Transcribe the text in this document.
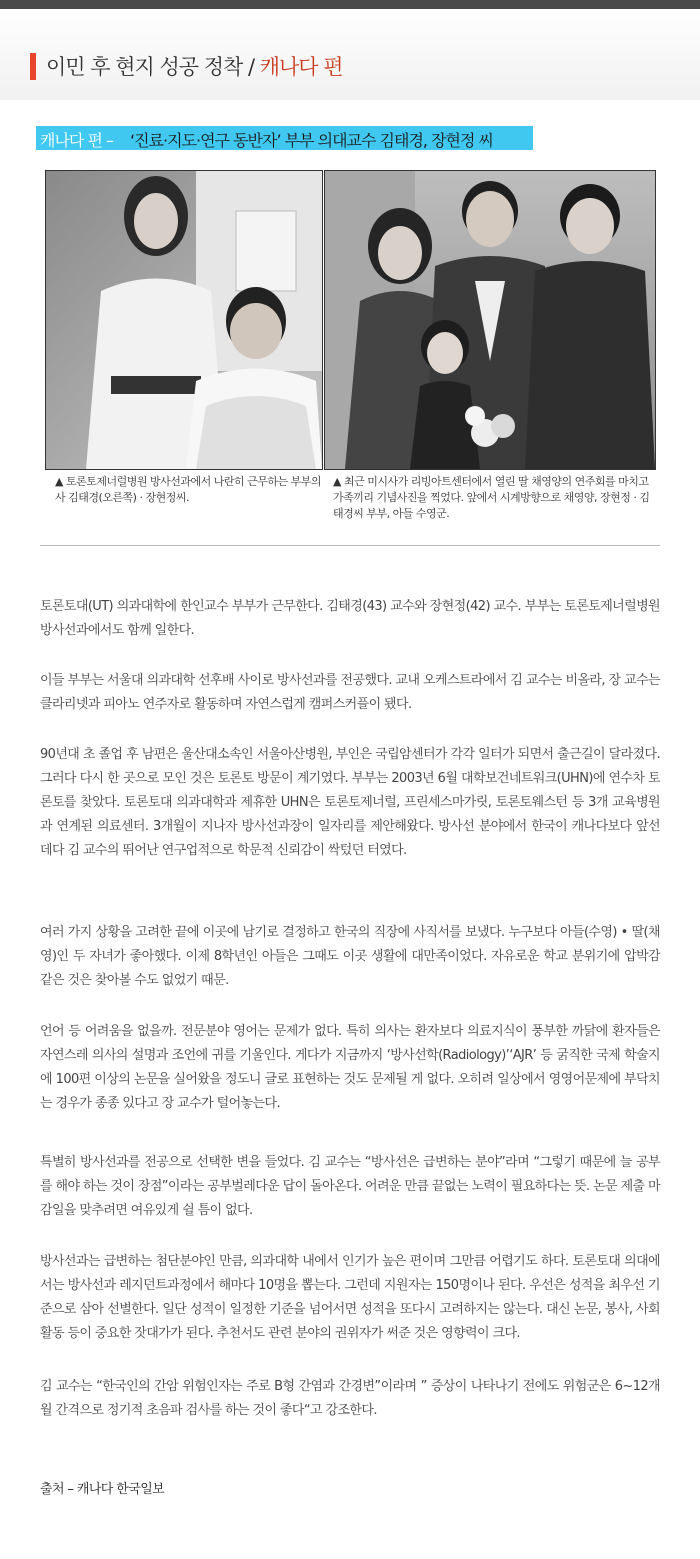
이민 후 현지 성공 정착 / 캐나다 편
캐나다 편 – ‘진료·지도·연구 동반자’ 부부 의대교수 김태경, 장현정 씨
▲ 토론토제너럴병원 방사선과에서 나란히 근무하는 부부의사 김태경(오른쪽) · 장현정씨.
▲ 최근 미시사가 리빙아트센터에서 열린 딸 채영양의 연주회를 마치고 가족끼리 기념사진을 찍었다. 앞에서 시계방향으로 채영양, 장현정 · 김태경씨 부부, 아들 수영군.

토론토대(UT) 의과대학에 한인교수 부부가 근무한다. 김태경(43) 교수와 장현정(42) 교수. 부부는 토론토제너럴병원 방사선과에서도 함께 일한다.

이들 부부는 서울대 의과대학 선후배 사이로 방사선과를 전공했다. 교내 오케스트라에서 김 교수는 비올라, 장 교수는 클라리넷과 피아노 연주자로 활동하며 자연스럽게 캠퍼스커플이 됐다.

90년대 초 졸업 후 남편은 울산대소속인 서울아산병원, 부인은 국립암센터가 각각 일터가 되면서 출근길이 달라졌다. 그러다 다시 한 곳으로 모인 것은 토론토 방문이 계기였다. 부부는 2003년 6월 대학보건네트워크(UHN)에 연수차 토론토를 찾았다. 토론토대 의과대학과 제휴한 UHN은 토론토제너럴, 프린세스마가릿, 토론토웨스턴 등 3개 교육병원과 연계된 의료센터. 3개월이 지나자 방사선과장이 일자리를 제안해왔다. 방사선 분야에서 한국이 캐나다보다 앞선 데다 김 교수의 뛰어난 연구업적으로 학문적 신뢰감이 싹텄던 터였다.

여러 가지 상황을 고려한 끝에 이곳에 남기로 결정하고 한국의 직장에 사직서를 보냈다. 누구보다 아들(수영) • 딸(채영)인 두 자녀가 좋아했다. 이제 8학년인 아들은 그때도 이곳 생활에 대만족이었다. 자유로운 학교 분위기에 압박감 같은 것은 찾아볼 수도 없었기 때문.

언어 등 어려움을 없을까. 전문분야 영어는 문제가 없다. 특히 의사는 환자보다 의료지식이 풍부한 까닭에 환자들은 자연스레 의사의 설명과 조언에 귀를 기울인다. 게다가 지금까지 ‘방사선학(Radiology)’‘AJR’ 등 굵직한 국제 학술지에 100편 이상의 논문을 실어왔을 정도니 글로 표현하는 것도 문제될 게 없다. 오히려 일상에서 영영어문제에 부닥치는 경우가 종종 있다고 장 교수가 털어놓는다.

특별히 방사선과를 전공으로 선택한 변을 들었다. 김 교수는 “방사선은 급변하는 분야”라며 “그렇기 때문에 늘 공부를 해야 하는 것이 장점”이라는 공부벌레다운 답이 돌아온다. 어려운 만큼 끝없는 노력이 필요하다는 뜻. 논문 제출 마감일을 맞추려면 여유있게 쉴 틈이 없다.

방사선과는 급변하는 첨단분야인 만큼, 의과대학 내에서 인기가 높은 편이며 그만큼 어렵기도 하다. 토론토대 의대에서는 방사선과 레지던트과정에서 해마다 10명을 뽑는다. 그런데 지원자는 150명이나 된다. 우선은 성적을 최우선 기준으로 삼아 선별한다. 일단 성적이 일정한 기준을 넘어서면 성적을 또다시 고려하지는 않는다. 대신 논문, 봉사, 사회활동 등이 중요한 잣대가가 된다. 추천서도 관련 분야의 권위자가 써준 것은 영향력이 크다.

김 교수는 “한국인의 간암 위험인자는 주로 B형 간염과 간경변”이라며 ” 증상이 나타나기 전에도 위험군은 6~12개월 간격으로 정기적 초음파 검사를 하는 것이 좋다“고 강조한다.

출처 – 캐나다 한국일보
